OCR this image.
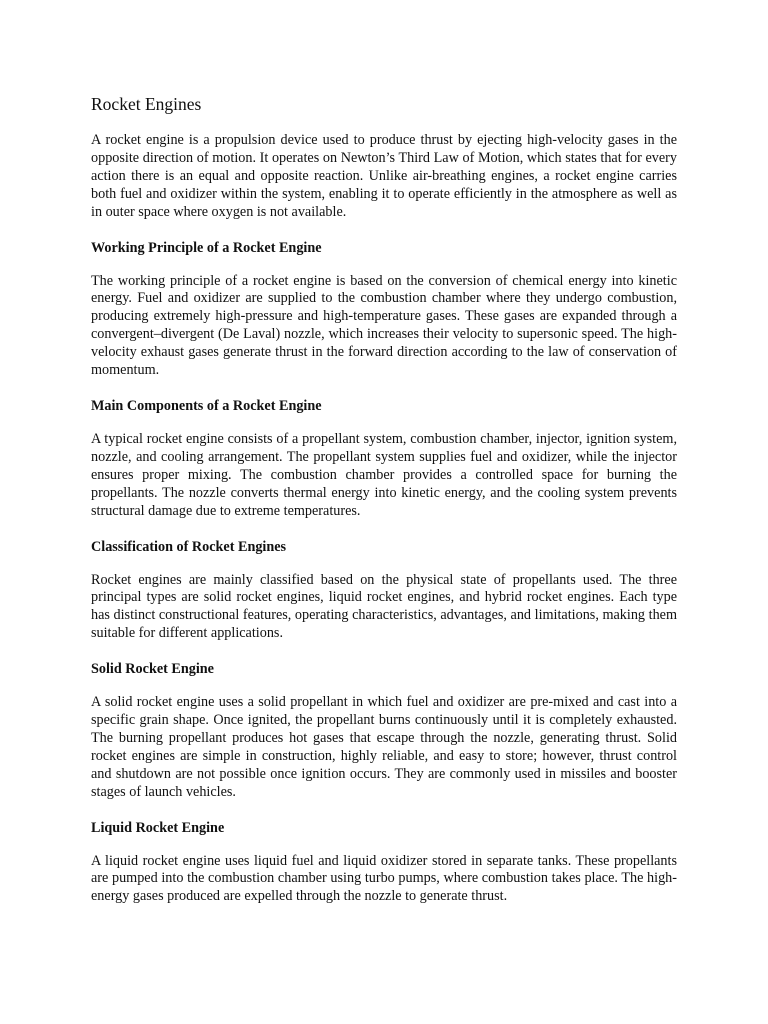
Rocket Engines

A rocket engine is a propulsion device used to produce thrust by ejecting high-velocity gases in the opposite direction of motion. It operates on Newton’s Third Law of Motion, which states that for every action there is an equal and opposite reaction. Unlike air-breathing engines, a rocket engine carries both fuel and oxidizer within the system, enabling it to operate efficiently in the atmosphere as well as in outer space where oxygen is not available.

Working Principle of a Rocket Engine

The working principle of a rocket engine is based on the conversion of chemical energy into kinetic energy. Fuel and oxidizer are supplied to the combustion chamber where they undergo combustion, producing extremely high-pressure and high-temperature gases. These gases are expanded through a convergent–divergent (De Laval) nozzle, which increases their velocity to supersonic speed. The high-velocity exhaust gases generate thrust in the forward direction according to the law of conservation of momentum.

Main Components of a Rocket Engine

A typical rocket engine consists of a propellant system, combustion chamber, injector, ignition system, nozzle, and cooling arrangement. The propellant system supplies fuel and oxidizer, while the injector ensures proper mixing. The combustion chamber provides a controlled space for burning the propellants. The nozzle converts thermal energy into kinetic energy, and the cooling system prevents structural damage due to extreme temperatures.

Classification of Rocket Engines

Rocket engines are mainly classified based on the physical state of propellants used. The three principal types are solid rocket engines, liquid rocket engines, and hybrid rocket engines. Each type has distinct constructional features, operating characteristics, advantages, and limitations, making them suitable for different applications.

Solid Rocket Engine

A solid rocket engine uses a solid propellant in which fuel and oxidizer are pre-mixed and cast into a specific grain shape. Once ignited, the propellant burns continuously until it is completely exhausted. The burning propellant produces hot gases that escape through the nozzle, generating thrust. Solid rocket engines are simple in construction, highly reliable, and easy to store; however, thrust control and shutdown are not possible once ignition occurs. They are commonly used in missiles and booster stages of launch vehicles.

Liquid Rocket Engine

A liquid rocket engine uses liquid fuel and liquid oxidizer stored in separate tanks. These propellants are pumped into the combustion chamber using turbo pumps, where combustion takes place. The high-energy gases produced are expelled through the nozzle to generate thrust.
